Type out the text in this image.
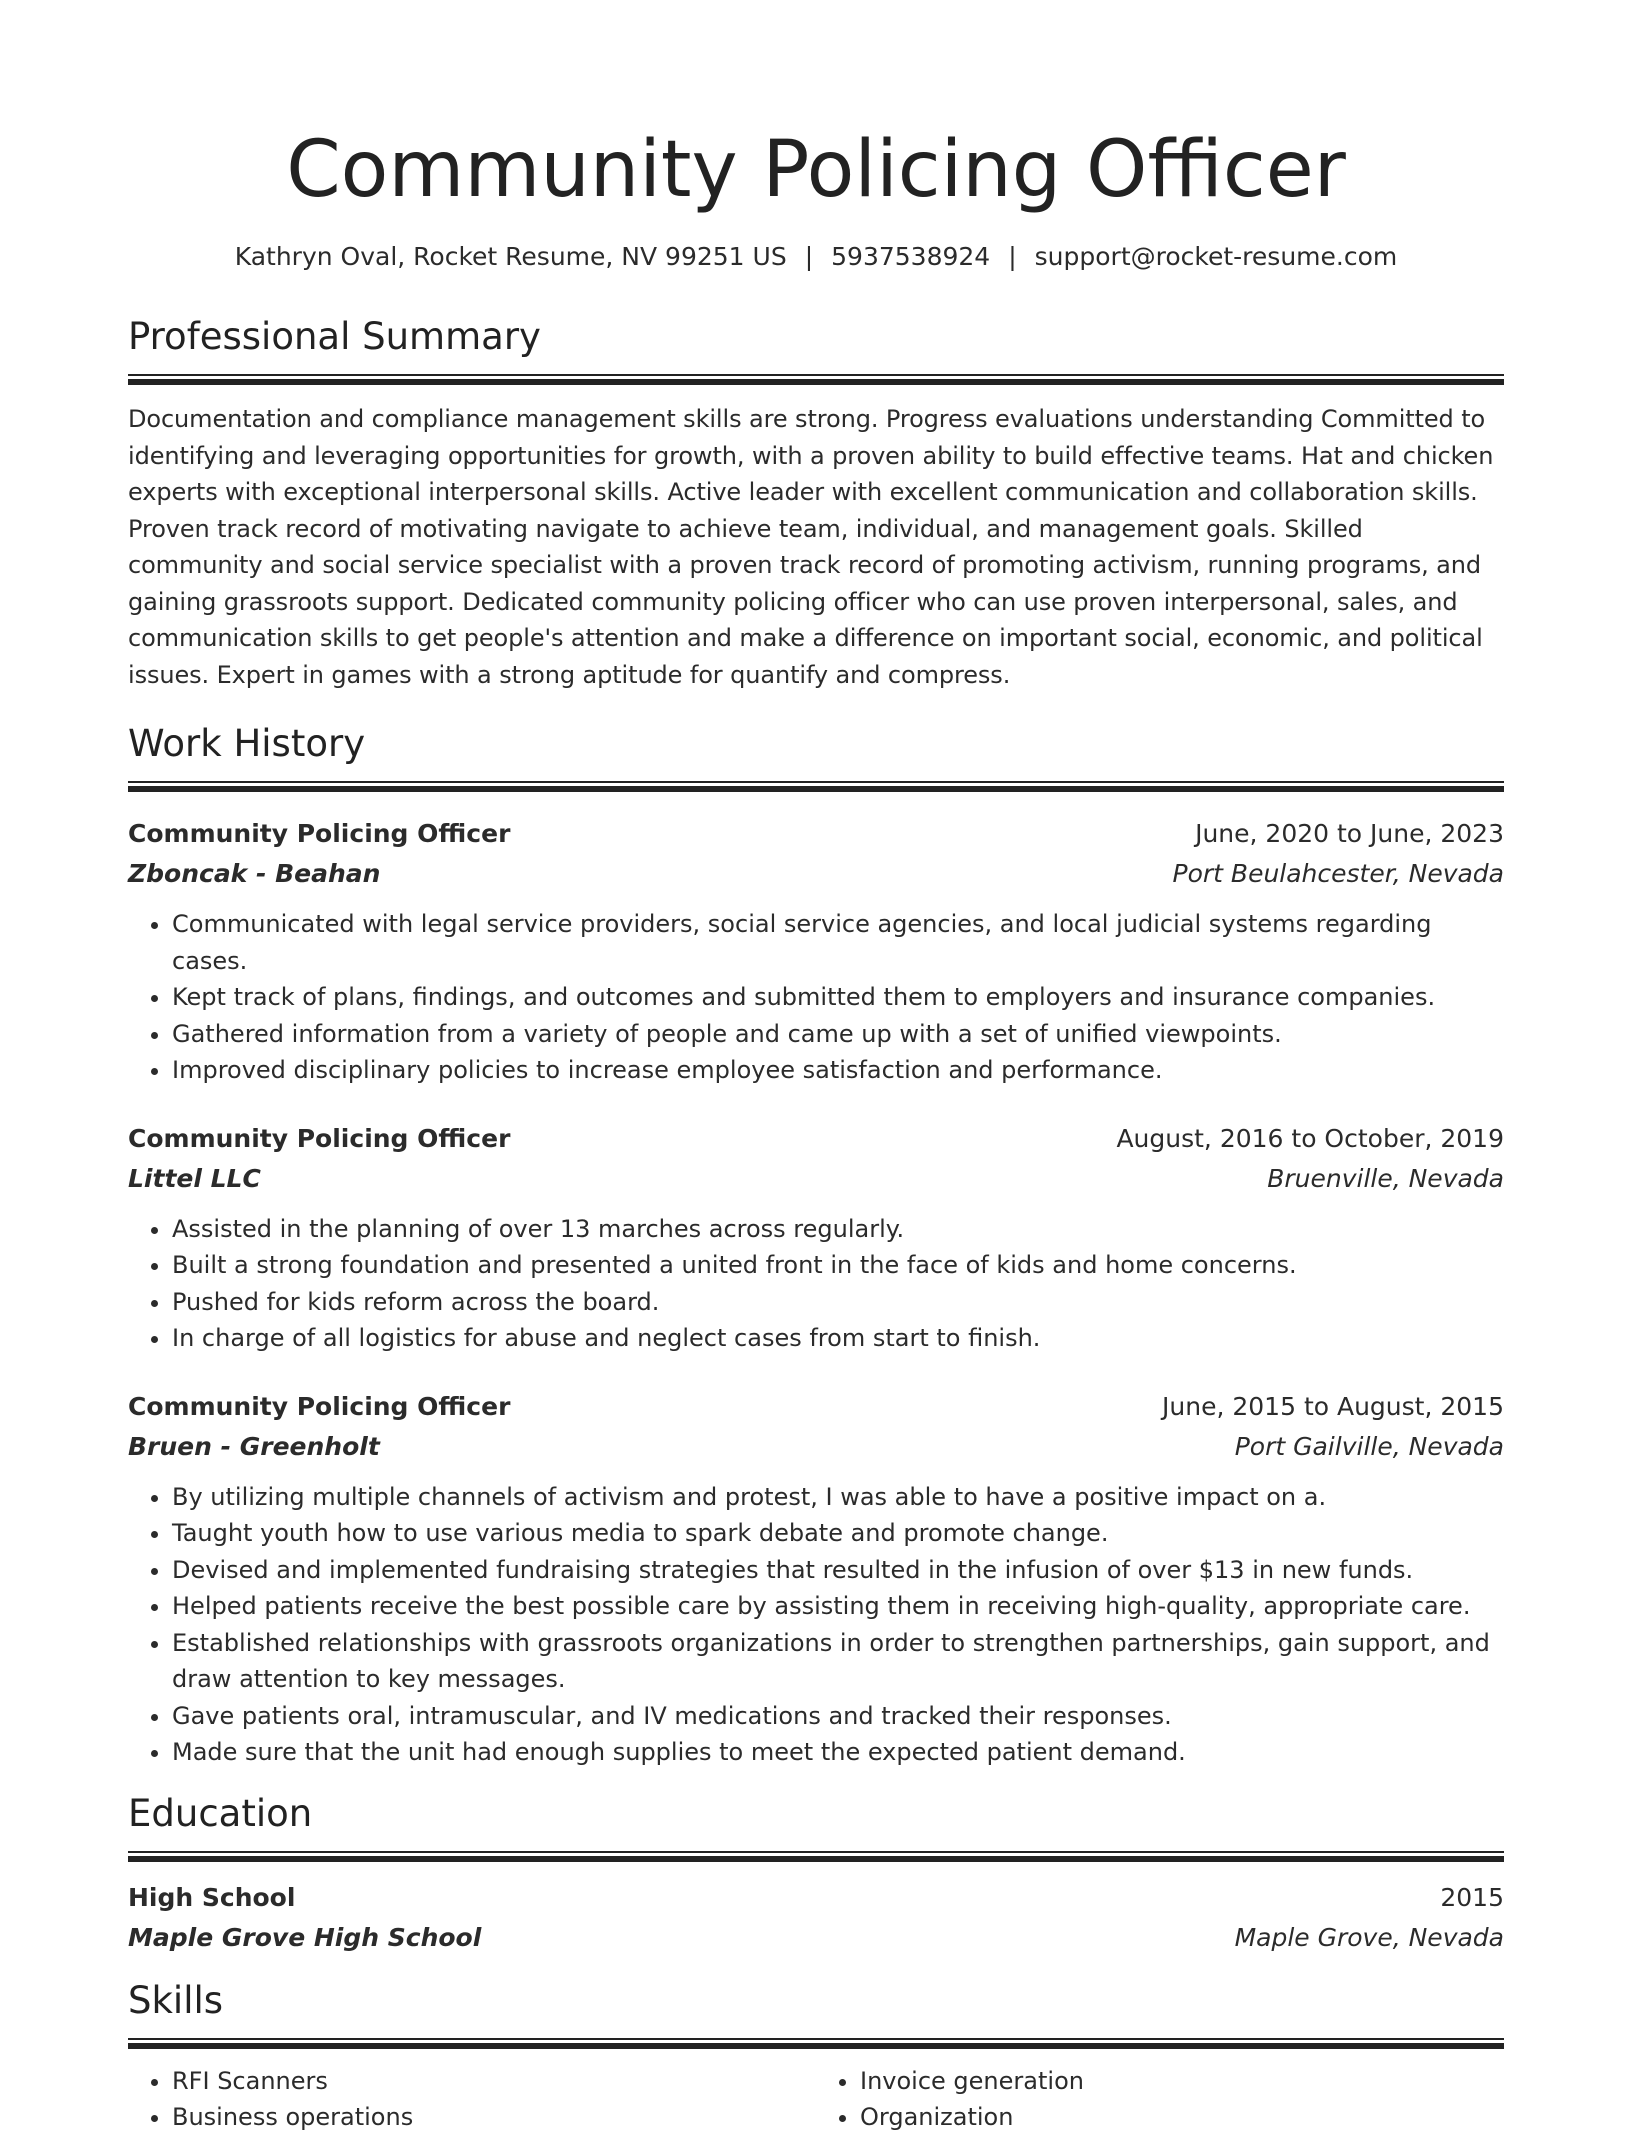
Community Policing Officer
Kathryn Oval, Rocket Resume, NV 99251 US | 5937538924 | support@rocket-resume.com
Professional Summary

Documentation and compliance management skills are strong. Progress evaluations understanding Committed to identifying and leveraging opportunities for growth, with a proven ability to build effective teams. Hat and chicken experts with exceptional interpersonal skills. Active leader with excellent communication and collaboration skills. Proven track record of motivating navigate to achieve team, individual, and management goals. Skilled community and social service specialist with a proven track record of promoting activism, running programs, and gaining grassroots support. Dedicated community policing officer who can use proven interpersonal, sales, and communication skills to get people's attention and make a difference on important social, economic, and political issues. Expert in games with a strong aptitude for quantify and compress.

Work History
Community Policing Officer	June, 2020 to June, 2023
Zboncak - Beahan	Port Beulahcester, Nevada
• Communicated with legal service providers, social service agencies, and local judicial systems regarding cases.
• Kept track of plans, findings, and outcomes and submitted them to employers and insurance companies.
• Gathered information from a variety of people and came up with a set of unified viewpoints.
• Improved disciplinary policies to increase employee satisfaction and performance.
Community Policing Officer	August, 2016 to October, 2019
Littel LLC	Bruenville, Nevada
• Assisted in the planning of over 13 marches across regularly.
• Built a strong foundation and presented a united front in the face of kids and home concerns.
• Pushed for kids reform across the board.
• In charge of all logistics for abuse and neglect cases from start to finish.
Community Policing Officer	June, 2015 to August, 2015
Bruen - Greenholt	Port Gailville, Nevada
• By utilizing multiple channels of activism and protest, I was able to have a positive impact on a.
• Taught youth how to use various media to spark debate and promote change.
• Devised and implemented fundraising strategies that resulted in the infusion of over $13 in new funds.
• Helped patients receive the best possible care by assisting them in receiving high-quality, appropriate care.
• Established relationships with grassroots organizations in order to strengthen partnerships, gain support, and draw attention to key messages.
• Gave patients oral, intramuscular, and IV medications and tracked their responses.
• Made sure that the unit had enough supplies to meet the expected patient demand.
Education
High School	2015
Maple Grove High School	Maple Grove, Nevada
Skills
• RFI Scanners
• Business operations
• Invoice generation
• Organization
